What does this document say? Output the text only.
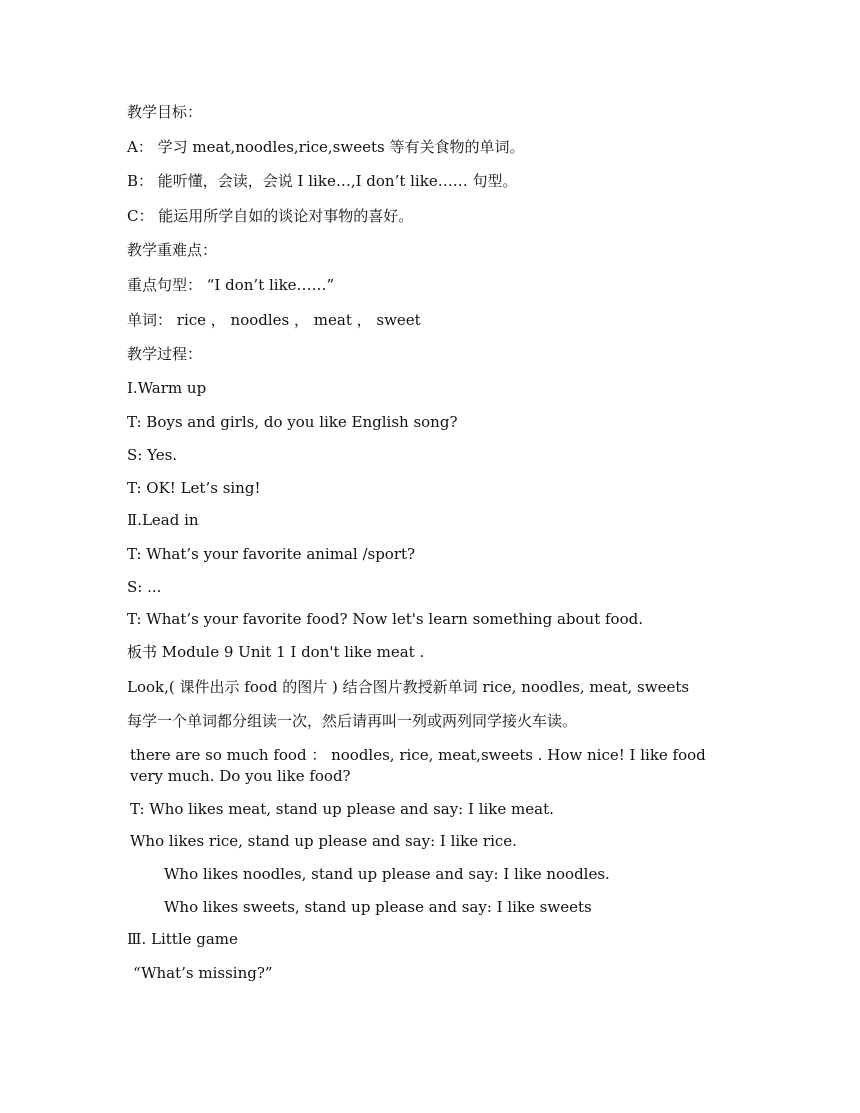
教学目标：
A： 学习 meat,noodles,rice,sweets 等有关食物的单词。
B： 能听懂，会读，会说 I like…,I don’t like…… 句型。
C： 能运用所学自如的谈论对事物的喜好。
教学重难点：
重点句型： “I don’t like……”
单词： rice ， noodles ， meat ， sweet
教学过程：
Ⅰ.Warm up
T: Boys and girls, do you like English song?
S: Yes.
T: OK! Let’s sing!
Ⅱ.Lead in
T: What’s your favorite animal /sport?
S: ...
T: What’s your favorite food? Now let's learn something about food.
板书 Module 9 Unit 1 I don't like meat .
Look,( 课件出示 food 的图片 ) 结合图片教授新单词 rice, noodles, meat, sweets
每学一个单词都分组读一次，然后请再叫一列或两列同学接火车读。
there are so much food ： noodles, rice, meat,sweets . How nice! I like food very much. Do you like food?
T: Who likes meat, stand up please and say: I like meat.
Who likes rice, stand up please and say: I like rice.
Who likes noodles, stand up please and say: I like noodles.
Who likes sweets, stand up please and say: I like sweets
Ⅲ. Little game
“What’s missing?”
